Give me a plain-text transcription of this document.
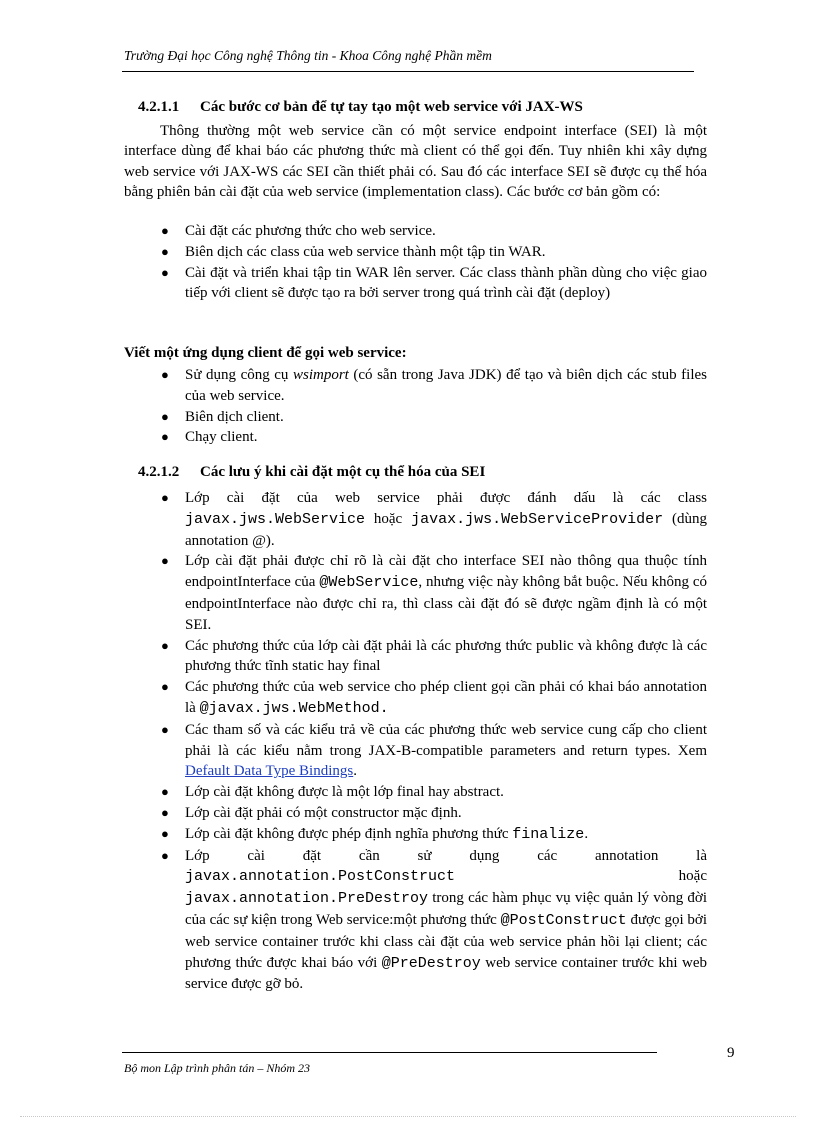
Trường Đại học Công nghệ Thông tin - Khoa Công nghệ Phần mềm
4.2.1.1 Các bước cơ bản để tự tay tạo một web service với JAX-WS
Thông thường một web service cần có một service endpoint interface (SEI) là một interface dùng để khai báo các phương thức mà client có thể gọi đến. Tuy nhiên khi xây dựng web service với JAX-WS các SEI cần thiết phải có. Sau đó các interface SEI sẽ được cụ thể hóa bằng phiên bản cài đặt của web service (implementation class). Các bước cơ bản gồm có:
● Cài đặt các phương thức cho web service.
● Biên dịch các class của web service thành một tập tin WAR.
● Cài đặt và triển khai tập tin WAR lên server. Các class thành phần dùng cho việc giao tiếp với client sẽ được tạo ra bởi server trong quá trình cài đặt (deploy)
Viết một ứng dụng client để gọi web service:
● Sử dụng công cụ wsimport (có sẵn trong Java JDK) để tạo và biên dịch các stub files của web service.
● Biên dịch client.
● Chạy client.
4.2.1.2 Các lưu ý khi cài đặt một cụ thể hóa của SEI
● Lớp cài đặt của web service phải được đánh dấu là các class javax.jws.WebService hoặc javax.jws.WebServiceProvider (dùng annotation @).
● Lớp cài đặt phải được chỉ rõ là cài đặt cho interface SEI nào thông qua thuộc tính endpointInterface của @WebService, nhưng việc này không bắt buộc. Nếu không có endpointInterface nào được chỉ ra, thì class cài đặt đó sẽ được ngầm định là có một SEI.
● Các phương thức của lớp cài đặt phải là các phương thức public và không được là các phương thức tĩnh static hay final
● Các phương thức của web service cho phép client gọi cần phải có khai báo annotation là @javax.jws.WebMethod.
● Các tham số và các kiểu trả về của các phương thức web service cung cấp cho client phải là các kiểu nằm trong JAX-B-compatible parameters and return types. Xem Default Data Type Bindings.
● Lớp cài đặt không được là một lớp final hay abstract.
● Lớp cài đặt phải có một constructor mặc định.
● Lớp cài đặt không được phép định nghĩa phương thức finalize.
● Lớp cài đặt cần sử dụng các annotation là javax.annotation.PostConstruct hoặc javax.annotation.PreDestroy trong các hàm phục vụ việc quản lý vòng đời của các sự kiện trong Web service:một phương thức @PostConstruct được gọi bởi web service container trước khi class cài đặt của web service phản hồi lại client; các phương thức được khai báo với @PreDestroy web service container trước khi web service được gỡ bỏ.
9
Bộ mon Lập trình phân tán – Nhóm 23
